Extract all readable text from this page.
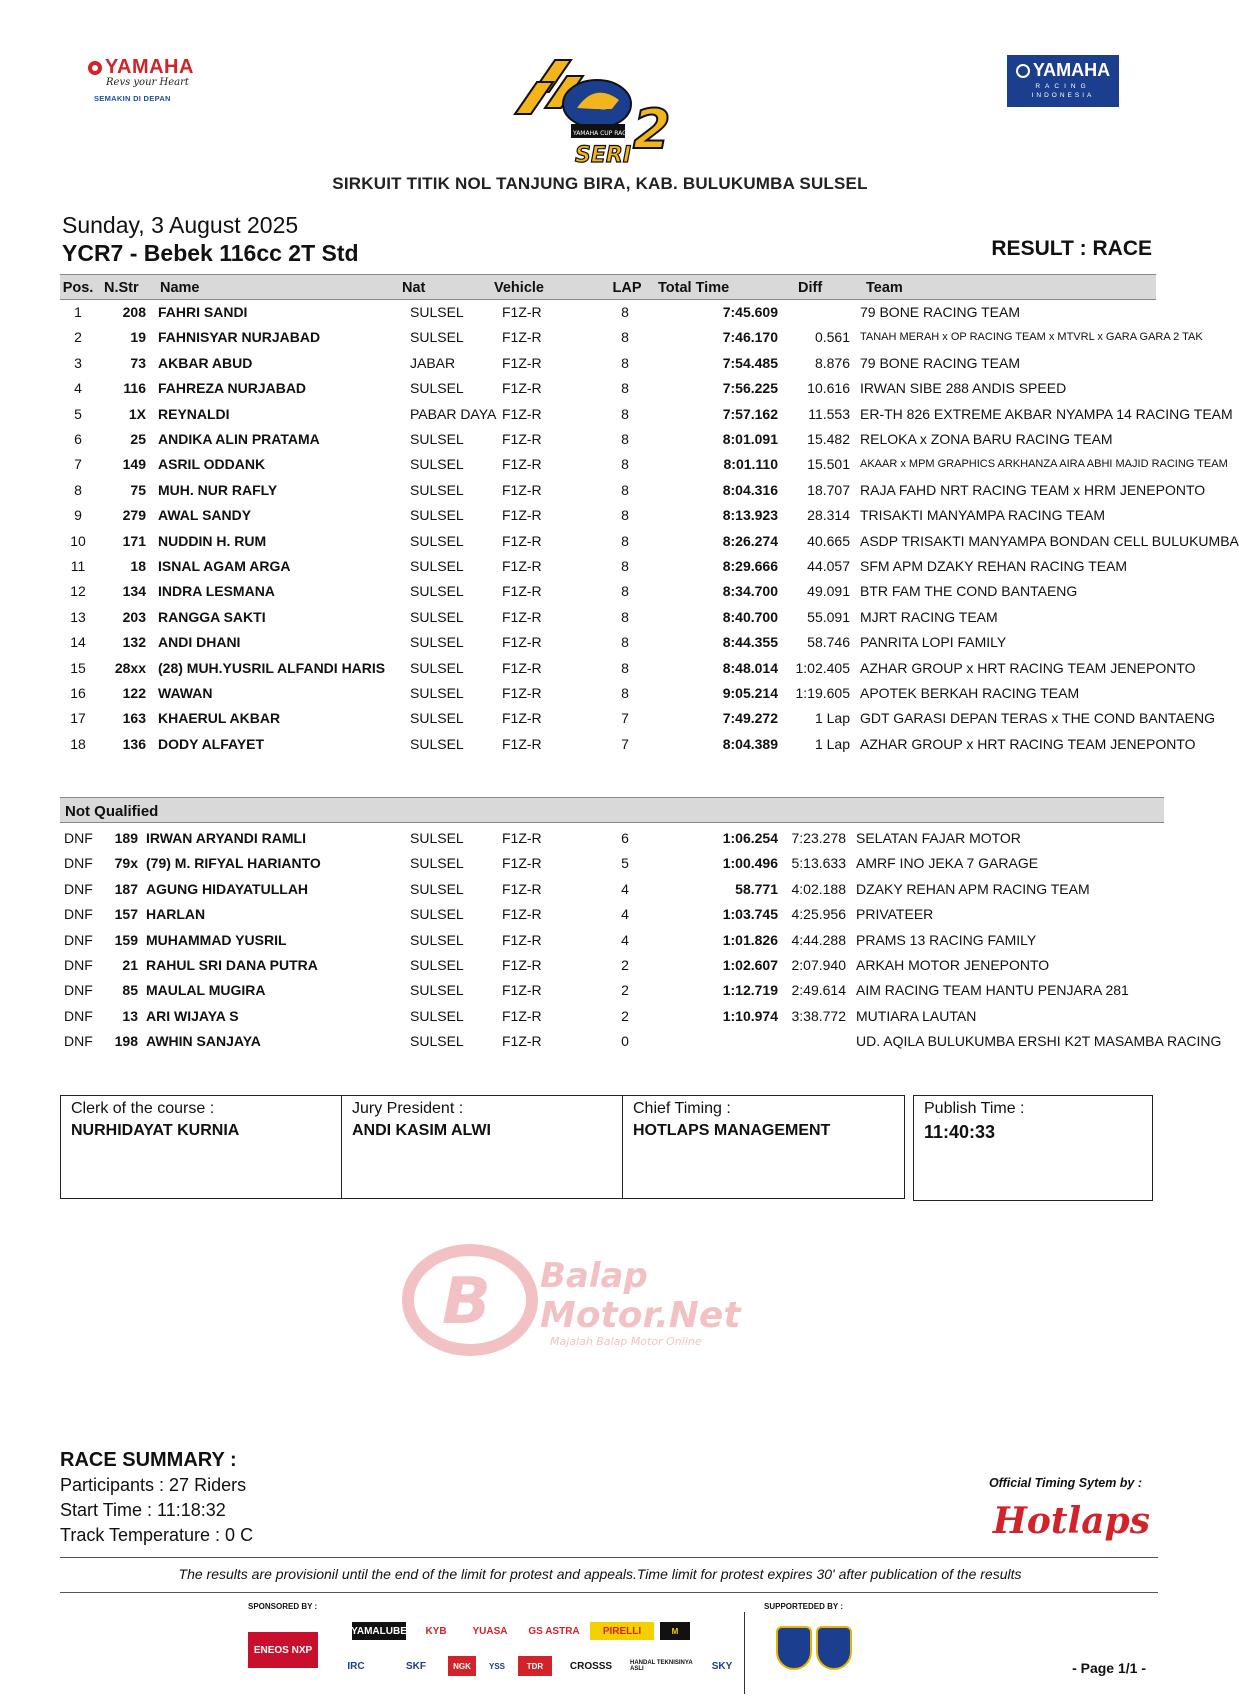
YAMAHA
Revs your Heart
SEMAKIN DI DEPAN
YCR
YAMAHA CUP RACE
SERI 2
YAMAHA
RACING
INDONESIA
SIRKUIT TITIK NOL TANJUNG BIRA, KAB. BULUKUMBA SULSEL
Sunday, 3 August 2025
YCR7 - Bebek 116cc 2T Std	RESULT : RACE
Pos. N.Str	Name	Nat	Vehicle	LAP Total Time	Diff	Team
1	208 FAHRI SANDI	SULSEL	F1Z-R	8	7:45.609	79 BONE RACING TEAM
2	19 FAHNISYAR NURJABAD	SULSEL	F1Z-R	8	7:46.170	0.561 TANAH MERAH x OP RACING TEAM x MTVRL x GARA GARA 2 TAK
3	73 AKBAR ABUD	JABAR	F1Z-R	8	7:54.485	8.876 79 BONE RACING TEAM
4	116 FAHREZA NURJABAD	SULSEL	F1Z-R	8	7:56.225	10.616 IRWAN SIBE 288 ANDIS SPEED
5	1X REYNALDI	PABAR DAYA F1Z-R	8	7:57.162	11.553 ER-TH 826 EXTREME AKBAR NYAMPA 14 RACING TEAM
6	25 ANDIKA ALIN PRATAMA	SULSEL	F1Z-R	8	8:01.091	15.482 RELOKA x ZONA BARU RACING TEAM
7	149 ASRIL ODDANK	SULSEL	F1Z-R	8	8:01.110	15.501 AKAAR x MPM GRAPHICS ARKHANZA AIRA ABHI MAJID RACING TEAM
8	75 MUH. NUR RAFLY	SULSEL	F1Z-R	8	8:04.316	18.707 RAJA FAHD NRT RACING TEAM x HRM JENEPONTO
9	279 AWAL SANDY	SULSEL	F1Z-R	8	8:13.923	28.314 TRISAKTI MANYAMPA RACING TEAM
10	171 NUDDIN H. RUM	SULSEL	F1Z-R	8	8:26.274	40.665 ASDP TRISAKTI MANYAMPA BONDAN CELL BULUKUMBA
11	18 ISNAL AGAM ARGA	SULSEL	F1Z-R	8	8:29.666	44.057 SFM APM DZAKY REHAN RACING TEAM
12	134 INDRA LESMANA	SULSEL	F1Z-R	8	8:34.700	49.091 BTR FAM THE COND BANTAENG
13	203 RANGGA SAKTI	SULSEL	F1Z-R	8	8:40.700	55.091 MJRT RACING TEAM
14	132 ANDI DHANI	SULSEL	F1Z-R	8	8:44.355	58.746 PANRITA LOPI FAMILY
15	28xx (28) MUH.YUSRIL ALFANDI HARIS SULSEL	F1Z-R	8	8:48.014	1:02.405 AZHAR GROUP x HRT RACING TEAM JENEPONTO
16	122 WAWAN	SULSEL	F1Z-R	8	9:05.214	1:19.605 APOTEK BERKAH RACING TEAM
17	163 KHAERUL AKBAR	SULSEL	F1Z-R	7	7:49.272	1 Lap GDT GARASI DEPAN TERAS x THE COND BANTAENG
18	136 DODY ALFAYET	SULSEL	F1Z-R	7	8:04.389	1 Lap AZHAR GROUP x HRT RACING TEAM JENEPONTO
Not Qualified
DNF	189 IRWAN ARYANDI RAMLI	SULSEL	F1Z-R	6	1:06.254 7:23.278 SELATAN FAJAR MOTOR
DNF	79x (79) M. RIFYAL HARIANTO	SULSEL	F1Z-R	5	1:00.496 5:13.633 AMRF INO JEKA 7 GARAGE
DNF	187 AGUNG HIDAYATULLAH	SULSEL	F1Z-R	4	58.771 4:02.188 DZAKY REHAN APM RACING TEAM
DNF	157 HARLAN	SULSEL	F1Z-R	4	1:03.745 4:25.956 PRIVATEER
DNF	159 MUHAMMAD YUSRIL	SULSEL	F1Z-R	4	1:01.826 4:44.288 PRAMS 13 RACING FAMILY
DNF	21 RAHUL SRI DANA PUTRA	SULSEL	F1Z-R	2	1:02.607 2:07.940 ARKAH MOTOR JENEPONTO
DNF	85 MAULAL MUGIRA	SULSEL	F1Z-R	2	1:12.719 2:49.614 AIM RACING TEAM HANTU PENJARA 281
DNF	13 ARI WIJAYA S	SULSEL	F1Z-R	2	1:10.974 3:38.772 MUTIARA LAUTAN
DNF	198 AWHIN SANJAYA	SULSEL	F1Z-R	0	UD. AQILA BULUKUMBA ERSHI K2T MASAMBA RACING
Clerk of the course :
NURHIDAYAT KURNIA
Jury President :
ANDI KASIM ALWI
Chief Timing :
HOTLAPS MANAGEMENT
Publish Time :
11:40:33
B Balap
Motor.Net
Majalah Balap Motor Online
RACE SUMMARY :
Participants : 27 Riders
Start Time : 11:18:32
Track Temperature : 0 C
Official Timing Sytem by :
Hotlaps
The results are provisionil until the end of the limit for protest and appeals.Time limit for protest expires 30' after publication of the results
SPONSORED BY :	SUPPORTEDED BY :
ENEOS NXP
YAMALUBE	KYB	YUASA	GS ASTRA	PIRELLI	M
IRC	SKF	NGK	YSS	TDR	CROSSS	HANDAL TEKNISINYA ASLI	SKY	- Page 1/1 -
